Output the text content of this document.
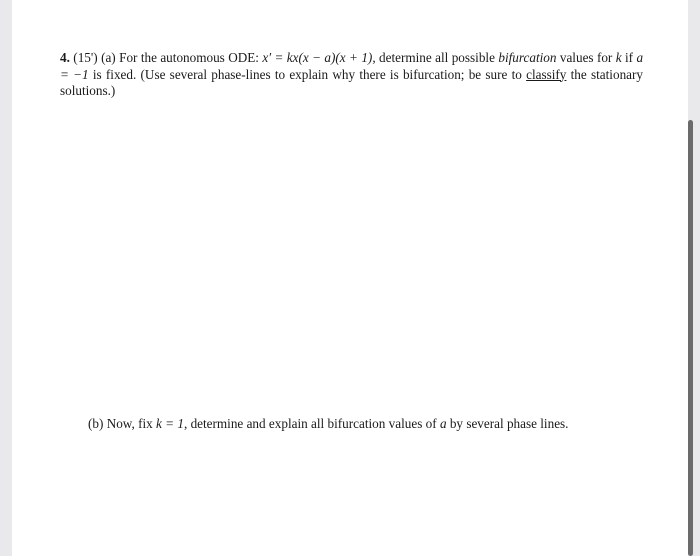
4. (15') (a) For the autonomous ODE: x′ = kx(x − a)(x + 1), determine all possible bifurcation values for k if a = −1 is fixed. (Use several phase-lines to explain why there is bifurcation; be sure to classify the stationary solutions.)
(b) Now, fix k = 1, determine and explain all bifurcation values of a by several phase lines.
